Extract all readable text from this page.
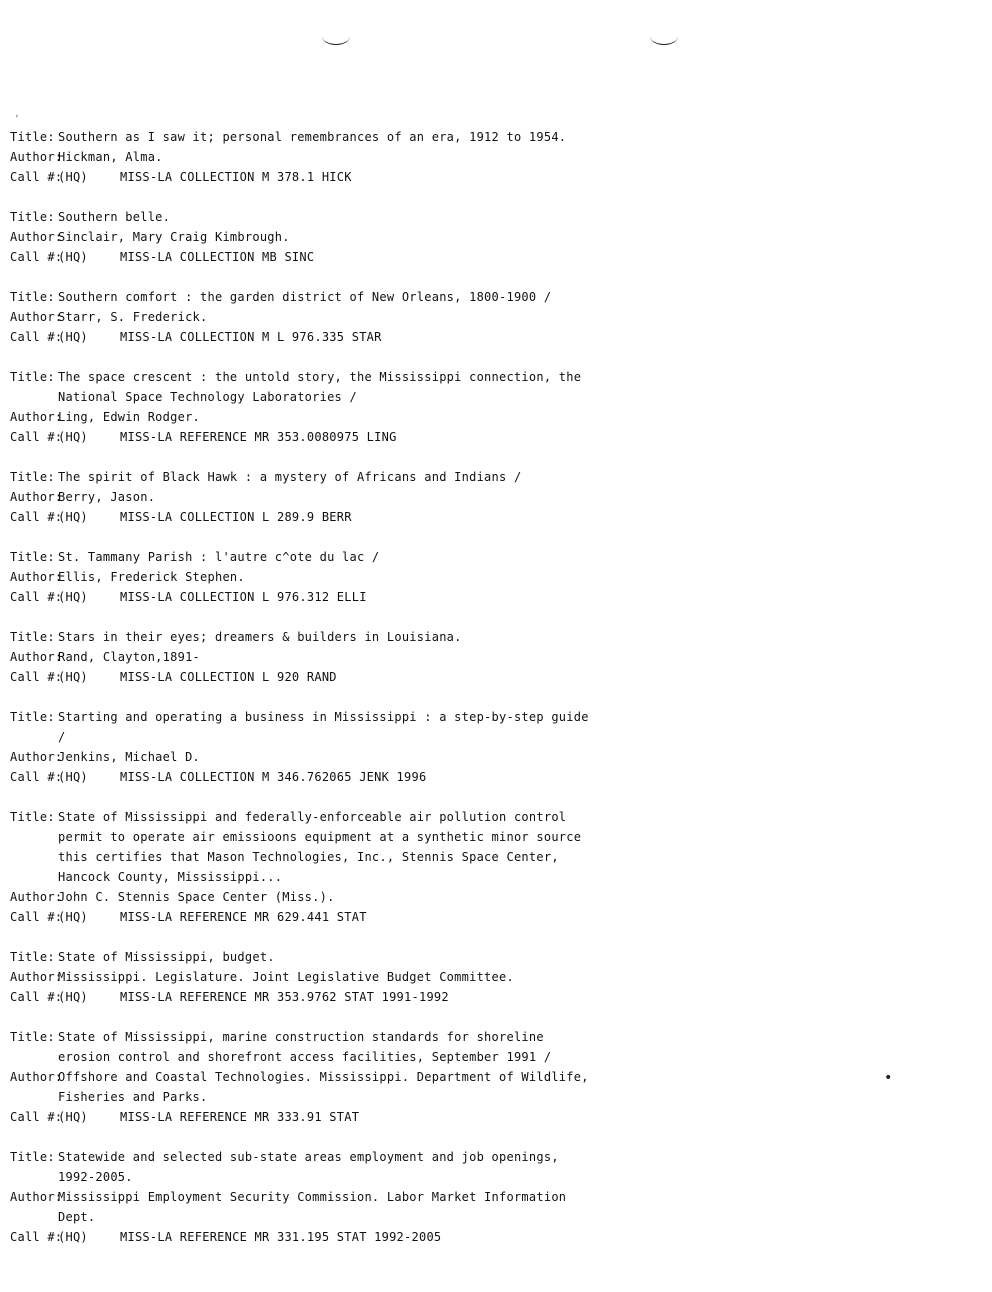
,
•
Title: Southern as I saw it; personal remembrances of an era, 1912 to 1954.
Author:Hickman, Alma.
Call #:(HQ)	MISS-LA COLLECTION M 378.1 HICK
Title: Southern belle.
Author:Sinclair, Mary Craig Kimbrough.
Call #:(HQ)	MISS-LA COLLECTION MB SINC
Title: Southern comfort : the garden district of New Orleans, 1800-1900 /
Author:Starr, S. Frederick.
Call #:(HQ)	MISS-LA COLLECTION M L 976.335 STAR
Title: The space crescent : the untold story, the Mississippi connection, the
National Space Technology Laboratories /
Author:Ling, Edwin Rodger.
Call #:(HQ)	MISS-LA REFERENCE MR 353.0080975 LING
Title: The spirit of Black Hawk : a mystery of Africans and Indians /
Author:Berry, Jason.
Call #:(HQ)	MISS-LA COLLECTION L 289.9 BERR
Title: St. Tammany Parish : l'autre c^ote du lac /
Author:Ellis, Frederick Stephen.
Call #:(HQ)	MISS-LA COLLECTION L 976.312 ELLI
Title: Stars in their eyes; dreamers & builders in Louisiana.
Author:Rand, Clayton,1891-
Call #:(HQ)	MISS-LA COLLECTION L 920 RAND
Title: Starting and operating a business in Mississippi : a step-by-step guide
/
Author:Jenkins, Michael D.
Call #:(HQ)	MISS-LA COLLECTION M 346.762065 JENK 1996
Title: State of Mississippi and federally-enforceable air pollution control
permit to operate air emissioons equipment at a synthetic minor source
this certifies that Mason Technologies, Inc., Stennis Space Center,
Hancock County, Mississippi...
Author:John C. Stennis Space Center (Miss.).
Call #:(HQ)	MISS-LA REFERENCE MR 629.441 STAT
Title: State of Mississippi, budget.
Author:Mississippi. Legislature. Joint Legislative Budget Committee.
Call #:(HQ)	MISS-LA REFERENCE MR 353.9762 STAT 1991-1992
Title: State of Mississippi, marine construction standards for shoreline
erosion control and shorefront access facilities, September 1991 /
Author:Offshore and Coastal Technologies. Mississippi. Department of Wildlife,
Fisheries and Parks.
Call #:(HQ)	MISS-LA REFERENCE MR 333.91 STAT
Title: Statewide and selected sub-state areas employment and job openings,
1992-2005.
Author:Mississippi Employment Security Commission. Labor Market Information
Dept.
Call #:(HQ)	MISS-LA REFERENCE MR 331.195 STAT 1992-2005
